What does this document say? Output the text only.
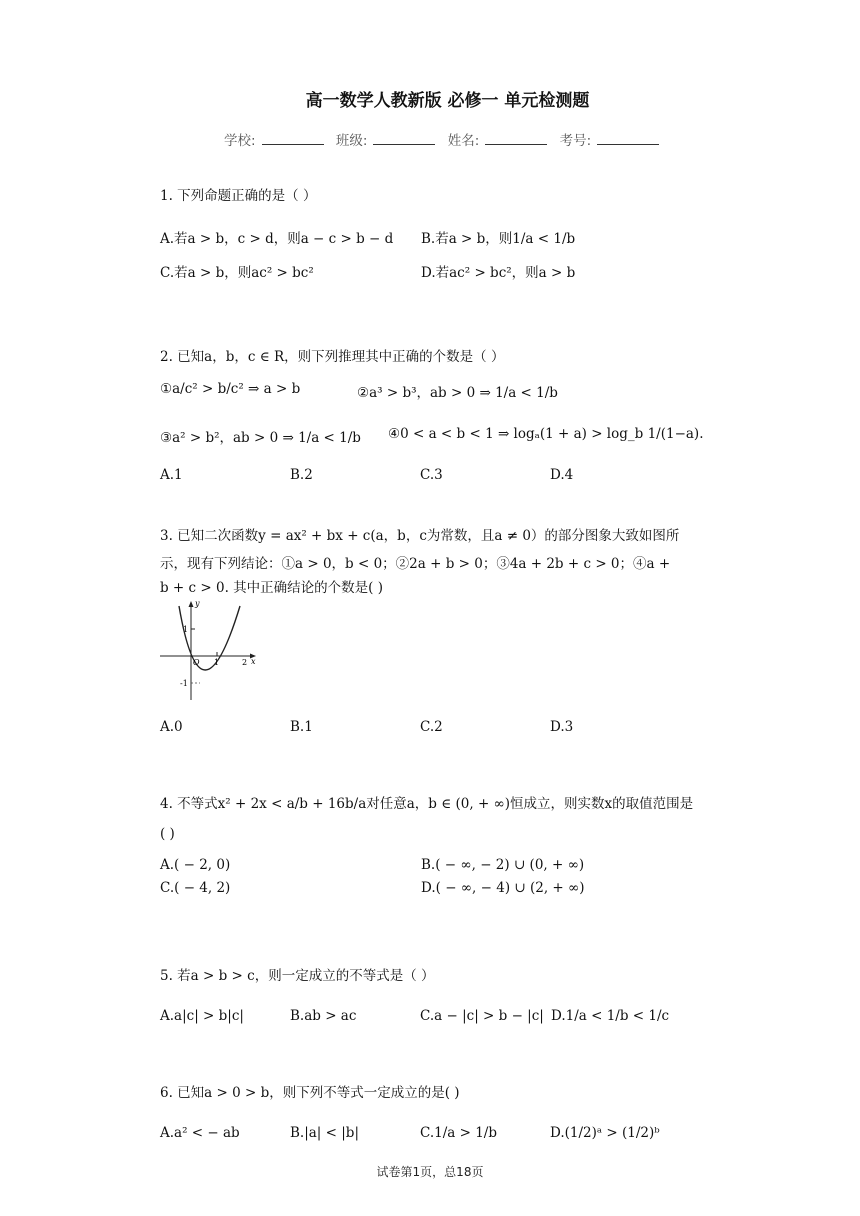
高一数学人教新版 必修一 单元检测题
学校:	班级:	姓名:	考号:
1. 下列命题正确的是（ ）
A.若a > b，c > d，则a − c > b − d B.若a > b，则1/a < 1/b
C.若a > b，则ac² > bc²	D.若ac² > bc²，则a > b
2. 已知a，b，c ∈ R，则下列推理其中正确的个数是（ ）
①a/c² > b/c² ⇒ a > b	②a³ > b³，ab > 0 ⇒ 1/a < 1/b
③a² > b²，ab > 0 ⇒ 1/a < 1/b ④0 < a < b < 1 ⇒ logₐ(1 + a) > log_b 1/(1−a).
A.1	B.2	C.3	D.4
3. 已知二次函数y = ax² + bx + c(a，b，c为常数，且a ≠ 0）的部分图象大致如图所
示，现有下列结论：①a > 0，b < 0；②2a + b > 0；③4a + 2b + c > 0；④a +
b + c > 0. 其中正确结论的个数是( )
y
x
O 1	2
1
-1
A.0	B.1	C.2	D.3
4. 不等式x² + 2x < a/b + 16b/a对任意a，b ∈ (0, + ∞)恒成立，则实数x的取值范围是
( )
A.( − 2, 0)	B.( − ∞, − 2) ∪ (0, + ∞)
C.( − 4, 2)	D.( − ∞, − 4) ∪ (2, + ∞)
5. 若a > b > c，则一定成立的不等式是（ ）
A.a|c| > b|c|	B.ab > ac	C.a − |c| > b − |c| D.1/a < 1/b < 1/c
6. 已知a > 0 > b，则下列不等式一定成立的是( )
A.a² < − ab	B.|a| < |b|	C.1/a > 1/b	D.(1/2)ᵃ > (1/2)ᵇ
试卷第1页，总18页
